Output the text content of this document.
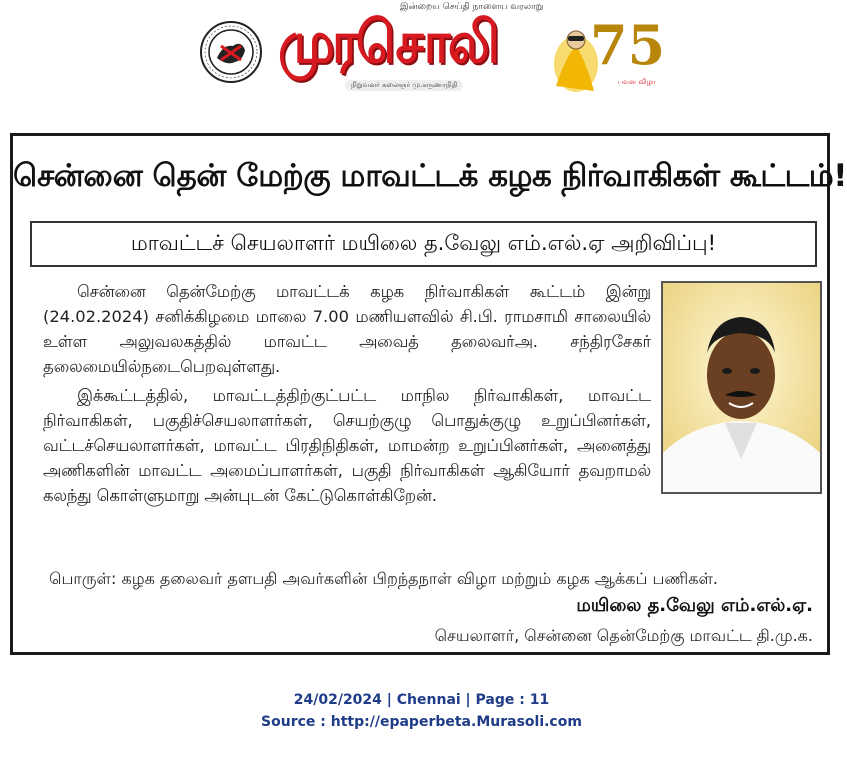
இன்றைய செய்தி நாளைய வரலாறு
முரசொலி
நிறுவனர் கலைஞர் மு.கருணாநிதி
75
பவள விழா
சென்னை தென் மேற்கு மாவட்டக் கழக நிர்வாகிகள் கூட்டம்!
மாவட்டச் செயலாளர் மயிலை த.வேலு எம்.எல்.ஏ அறிவிப்பு!

சென்னை தென்மேற்கு மாவட்டக் கழக நிர்வாகிகள் கூட்டம் இன்று (24.02.2024) சனிக்கிழமை மாலை 7.00 மணியளவில் சி.பி. ராமசாமி சாலையில் உள்ள அலுவலகத்தில் மாவட்ட அவைத் தலைவர்அ. சந்திரசேகர் தலைமையில்நடைபெறவுள்ளது.

இக்கூட்டத்தில், மாவட்டத்திற்குட்பட்ட மாநில நிர்வாகிகள், மாவட்ட நிர்வாகிகள், பகுதிச்செயலாளர்கள், செயற்குழு பொதுக்குழு உறுப்பினர்கள், வட்டச்செயலாளர்கள், மாவட்ட பிரதிநிதிகள், மாமன்ற உறுப்பினர்கள், அனைத்து அணிகளின் மாவட்ட அமைப்பாளர்கள், பகுதி நிர்வாகிகள் ஆகியோர் தவறாமல் கலந்து கொள்ளுமாறு அன்புடன் கேட்டுகொள்கிறேன்.

பொருள்: கழக தலைவர் தளபதி அவர்களின் பிறந்தநாள் விழா மற்றும் கழக ஆக்கப் பணிகள்.
மயிலை த.வேலு எம்.எல்.ஏ.
செயலாளர், சென்னை தென்மேற்கு மாவட்ட தி.மு.க.
24/02/2024 | Chennai | Page : 11
Source : http://epaperbeta.Murasoli.com
